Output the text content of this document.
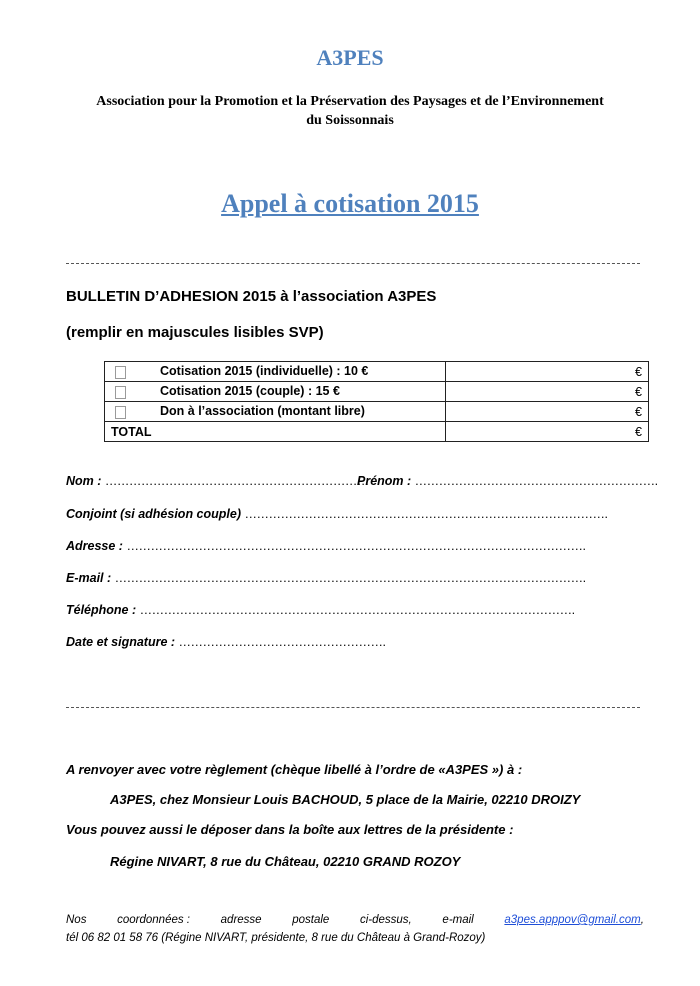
A3PES
Association pour la Promotion et la Préservation des Paysages et de l’Environnement du Soissonnais
Appel à cotisation 2015
BULLETIN D’ADHESION 2015 à l’association A3PES
(remplir en majuscules lisibles SVP)
Cotisation 2015 (individuelle) : 10 €	€
Cotisation 2015 (couple) : 15 €	€
Don à l’association (montant libre)	€
TOTAL	€
Nom : …………………………………………………………
Prénom : …………………………………………………….
Conjoint (si adhésion couple) ……………………………………………………………………………….
Adresse : …………………………………………………………………………………………………….
E-mail : ……………………………………………………………………………………………………….
Téléphone : ……………………………………………………………………………………………….
Date et signature : …………………………………………….
A renvoyer avec votre règlement (chèque libellé à l’ordre de «A3PES ») à :
A3PES, chez Monsieur Louis BACHOUD, 5 place de la Mairie, 02210 DROIZY
Vous pouvez aussi le déposer dans la boîte aux lettres de la présidente :
Régine NIVART, 8 rue du Château, 02210 GRAND ROZOY
Nos	coordonnées :	adresse	postale	ci-dessus,	e-mail	a3pes.apppov@gmail.com,
tél 06 82 01 58 76 (Régine NIVART, présidente, 8 rue du Château à Grand-Rozoy)
